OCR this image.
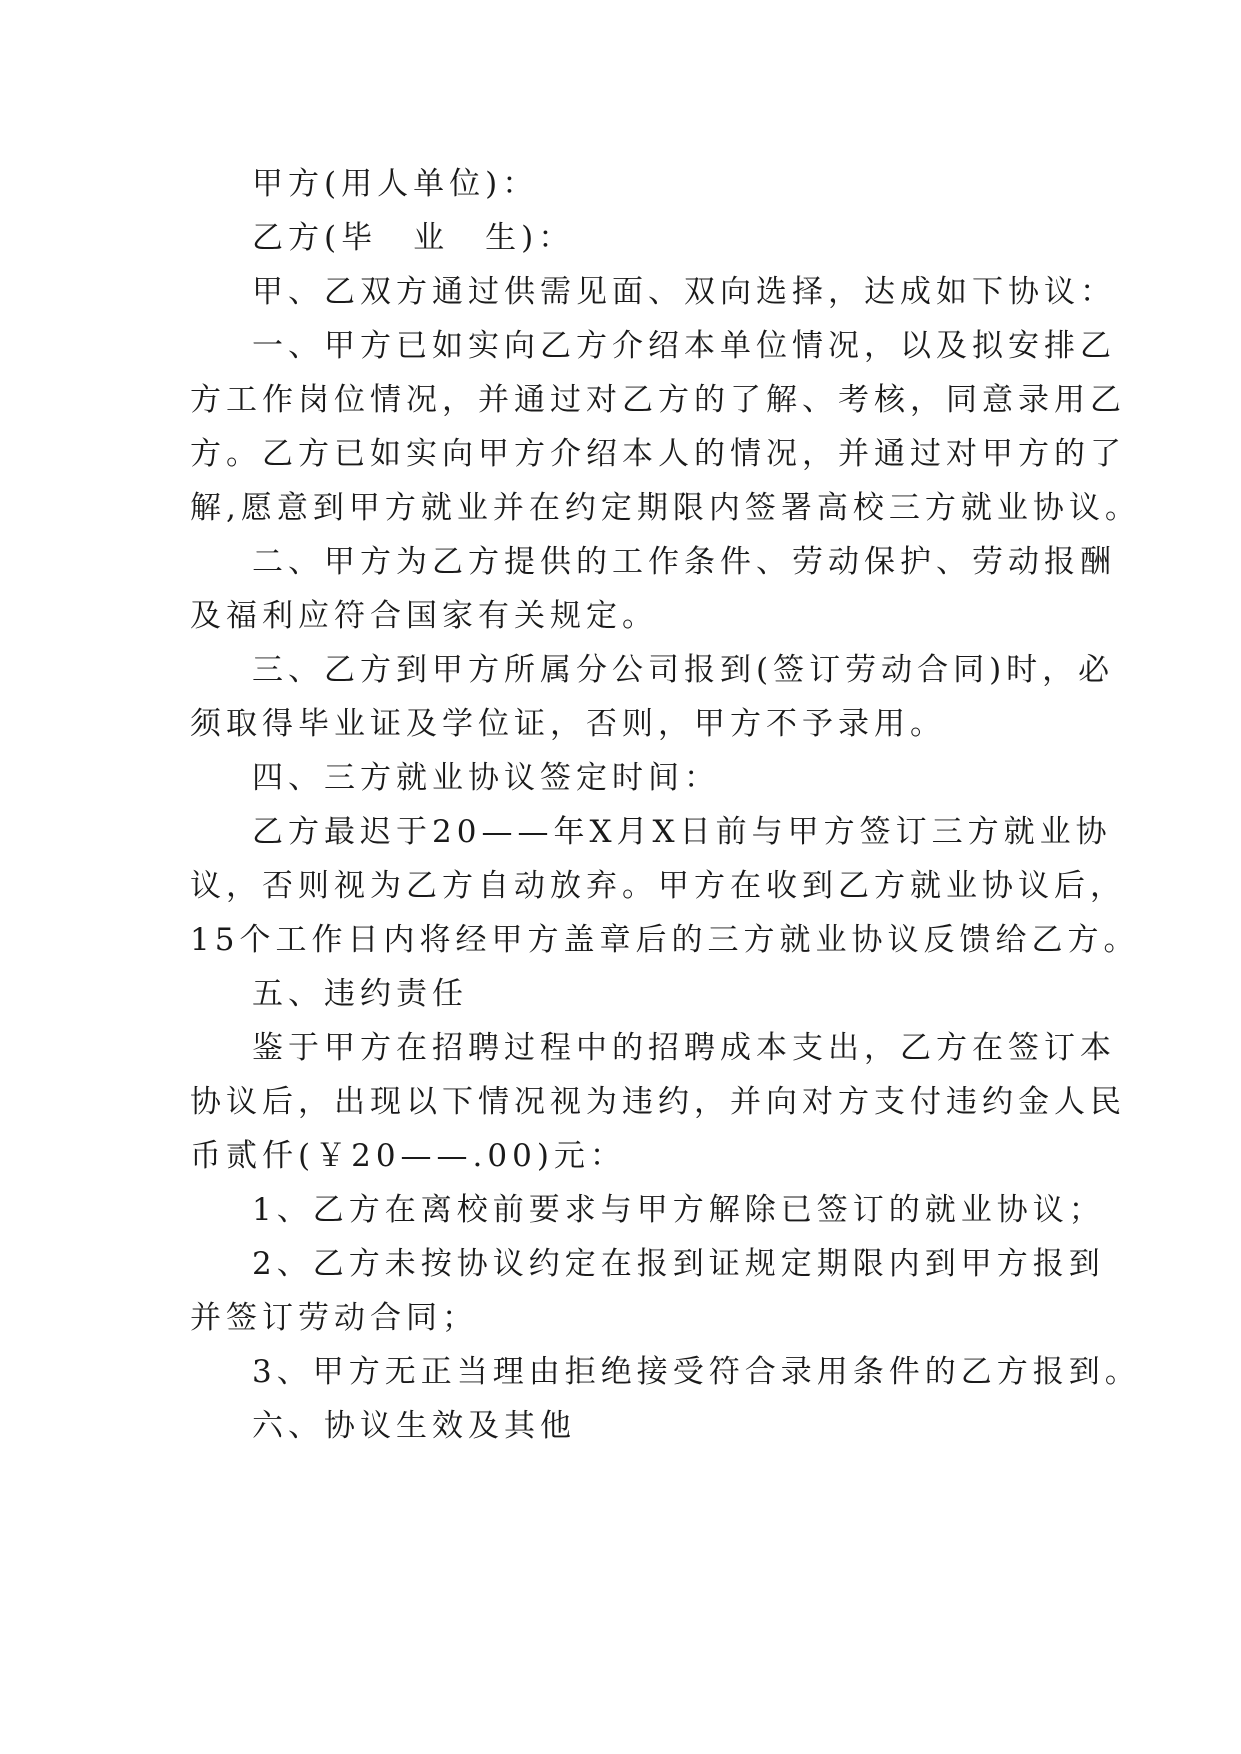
甲方(用人单位)：
乙方(毕　业　生)：
甲、乙双方通过供需见面、双向选择，达成如下协议：
一、甲方已如实向乙方介绍本单位情况，以及拟安排乙
方工作岗位情况，并通过对乙方的了解、考核，同意录用乙
方。乙方已如实向甲方介绍本人的情况，并通过对甲方的了
解,愿意到甲方就业并在约定期限内签署高校三方就业协议。
二、甲方为乙方提供的工作条件、劳动保护、劳动报酬
及福利应符合国家有关规定。
三、乙方到甲方所属分公司报到(签订劳动合同)时，必
须取得毕业证及学位证，否则，甲方不予录用。
四、三方就业协议签定时间：
乙方最迟于20——年X月X日前与甲方签订三方就业协
议，否则视为乙方自动放弃。甲方在收到乙方就业协议后，
15个工作日内将经甲方盖章后的三方就业协议反馈给乙方。
五、违约责任
鉴于甲方在招聘过程中的招聘成本支出，乙方在签订本
协议后，出现以下情况视为违约，并向对方支付违约金人民
币贰仟(￥20——.00)元：
1、乙方在离校前要求与甲方解除已签订的就业协议；
2、乙方未按协议约定在报到证规定期限内到甲方报到
并签订劳动合同；
3、甲方无正当理由拒绝接受符合录用条件的乙方报到。
六、协议生效及其他
